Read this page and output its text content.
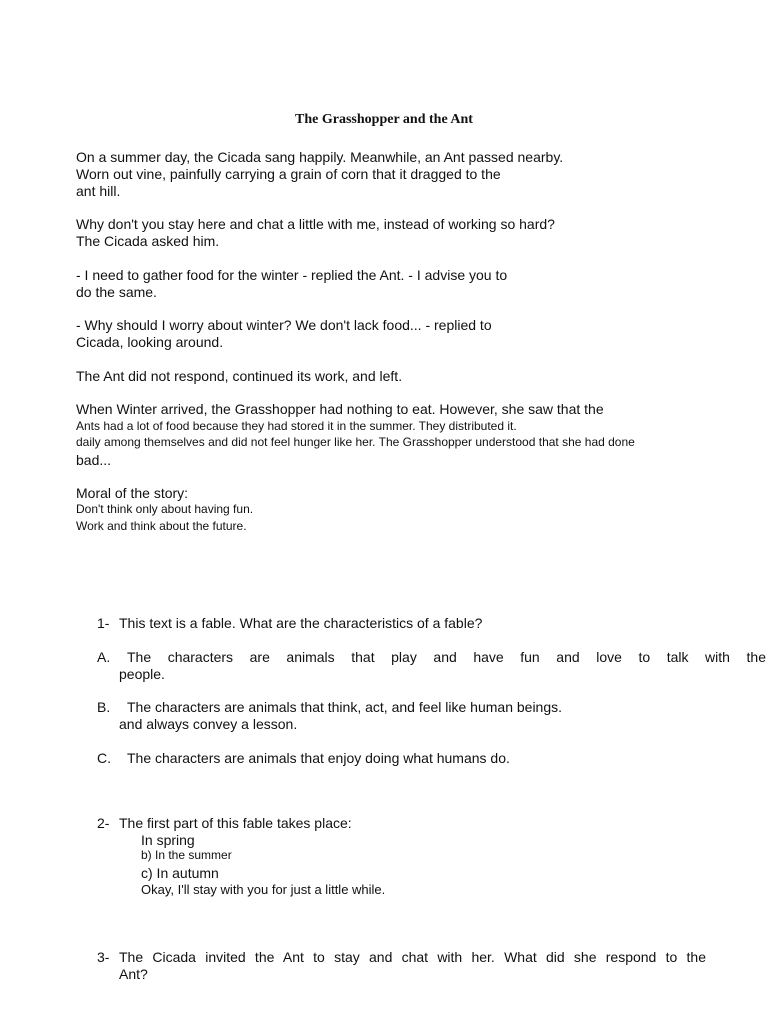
The Grasshopper and the Ant

On a summer day, the Cicada sang happily. Meanwhile, an Ant passed nearby.

Worn out vine, painfully carrying a grain of corn that it dragged to the

ant hill.

Why don't you stay here and chat a little with me, instead of working so hard?

The Cicada asked him.

- I need to gather food for the winter - replied the Ant. - I advise you to

do the same.

- Why should I worry about winter? We don't lack food... - replied to

Cicada, looking around.

The Ant did not respond, continued its work, and left.

When Winter arrived, the Grasshopper had nothing to eat. However, she saw that the

Ants had a lot of food because they had stored it in the summer. They distributed it.

daily among themselves and did not feel hunger like her. The Grasshopper understood that she had done

bad...

Moral of the story:

Don't think only about having fun.

Work and think about the future.

1- This text is a fable. What are the characteristics of a fable?
A. The characters are animals that play and have fun and love to talk with the
people.
B. The characters are animals that think, act, and feel like human beings.
and always convey a lesson.
C. The characters are animals that enjoy doing what humans do.
2- The first part of this fable takes place:
In spring
b) In the summer
c) In autumn
Okay, I'll stay with you for just a little while.
3- The Cicada invited the Ant to stay and chat with her. What did she respond to the
Ant?
